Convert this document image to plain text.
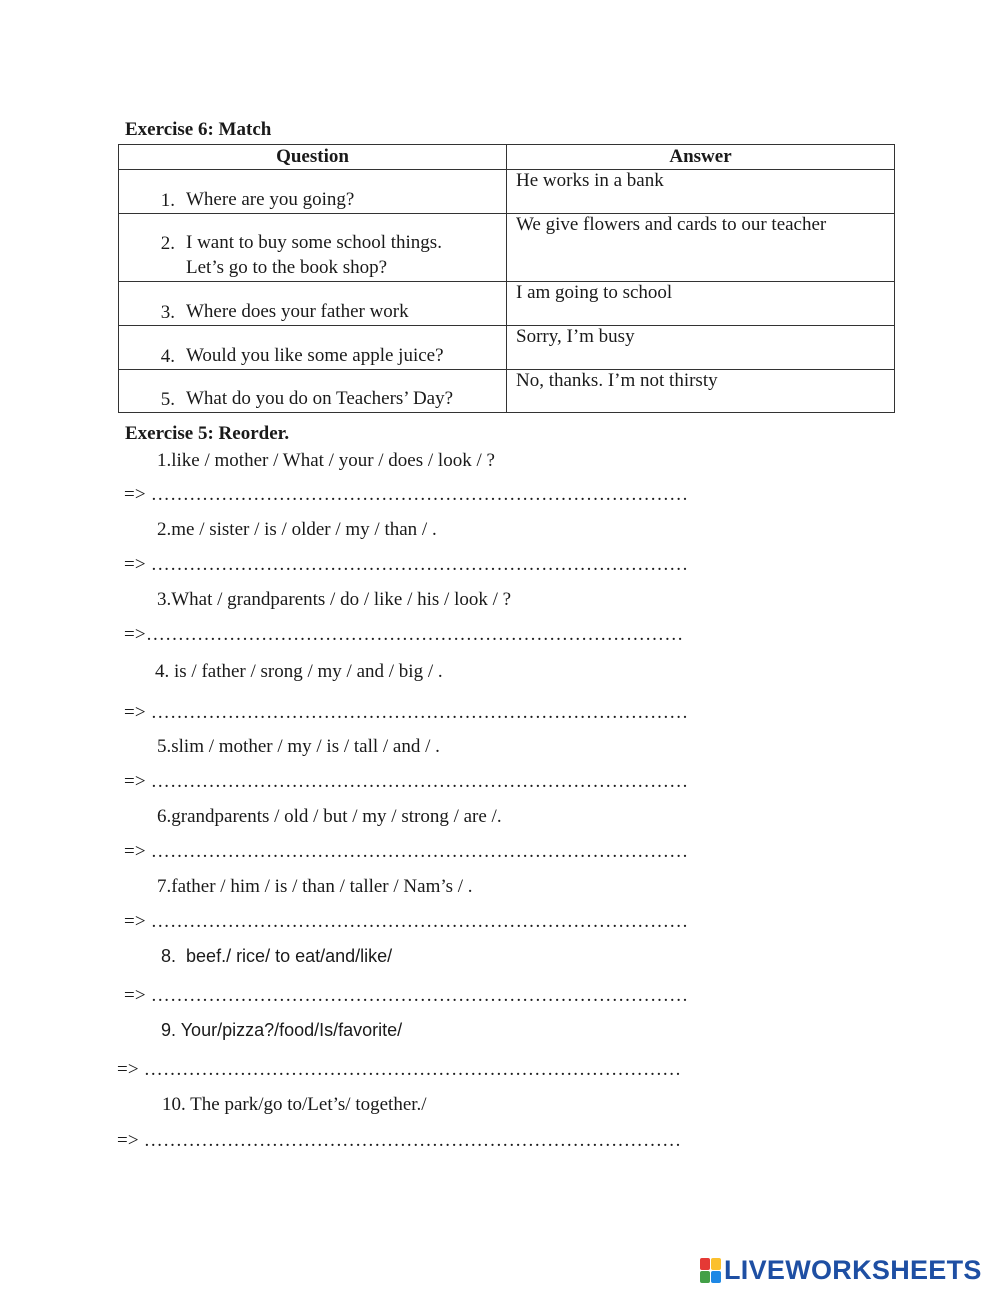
Exercise 6: Match
Question	Answer

1. Where are you going?	He works in a bank

2. I want to buy some school things.
Let’s go to the book shop?	We give flowers and cards to our teacher

3. Where does your father work	I am going to school

4. Would you like some apple juice?	Sorry, I’m busy

5. What do you do on Teachers’ Day?	No, thanks. I’m not thirsty
Exercise 5: Reorder.
1.like / mother / What / your / does / look / ?
=> …………………………………………………………………………
2.me / sister / is / older / my / than / .
=> …………………………………………………………………………
3.What / grandparents / do / like / his / look / ?
=>…………………………………………………………………………
4. is / father / srong / my / and / big / .
=> …………………………………………………………………………
5.slim / mother / my / is / tall / and / .
=> …………………………………………………………………………
6.grandparents / old / but / my / strong / are /.
=> …………………………………………………………………………
7.father / him / is / than / taller / Nam’s / .
=> …………………………………………………………………………
8. beef./ rice/ to eat/and/like/
=> …………………………………………………………………………
9. Your/pizza?/food/Is/favorite/
=> …………………………………………………………………………
10. The park/go to/Let’s/ together./
=> …………………………………………………………………………
LIVEWORKSHEETS
